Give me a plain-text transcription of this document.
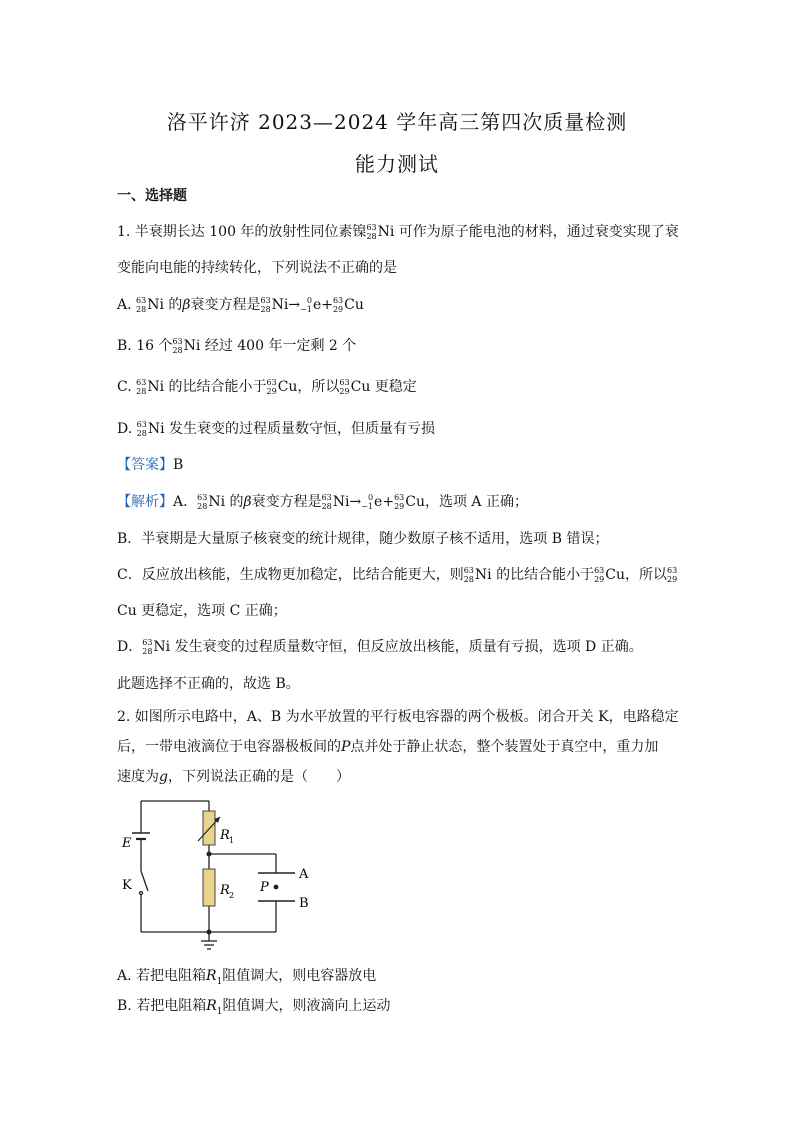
洛平许济 2023—2024 学年高三第四次质量检测
能力测试
一、选择题
1. 半衰期长达 100 年的放射性同位素镍 63
28 Ni 可作为原子能电池的材料，通过衰变实现了衰
变能向电能的持续转化，下列说法不正确的是
A. 63
28 Ni 的β衰变方程是 63
28 Ni→ 0
−1 e+ 63
29 Cu
B. 16 个 63
28 Ni 经过 400 年一定剩 2 个
C. 63
28 Ni 的比结合能小于 63
29 Cu，所以 63
29 Cu 更稳定
D. 63
28 Ni 发生衰变的过程质量数守恒，但质量有亏损
【答案】B
【解析】A． 63
28 Ni 的β衰变方程是 63
28 Ni→ 0
−1 e+ 63
29 Cu，选项 A 正确；
B．半衰期是大量原子核衰变的统计规律，随少数原子核不适用，选项 B 错误；
C．反应放出核能，生成物更加稳定，比结合能更大，则 63
28 Ni 的比结合能小于 63
29 Cu，所以 63
29
Cu 更稳定，选项 C 正确；
D． 63
28 Ni 发生衰变的过程质量数守恒，但反应放出核能，质量有亏损，选项 D 正确。
此题选择不正确的，故选 B。
2. 如图所示电路中，A、B 为水平放置的平行板电容器的两个极板。闭合开关 K，电路稳定
后，一带电液滴位于电容器极板间的P点并处于静止状态，整个装置处于真空中，重力加
速度为g，下列说法正确的是（　　）
E
K
R 1
R 2
P
A
B
A. 若把电阻箱$R_1$阻值调大，则电容器放电
B. 若把电阻箱$R_1$阻值调大，则液滴向上运动
